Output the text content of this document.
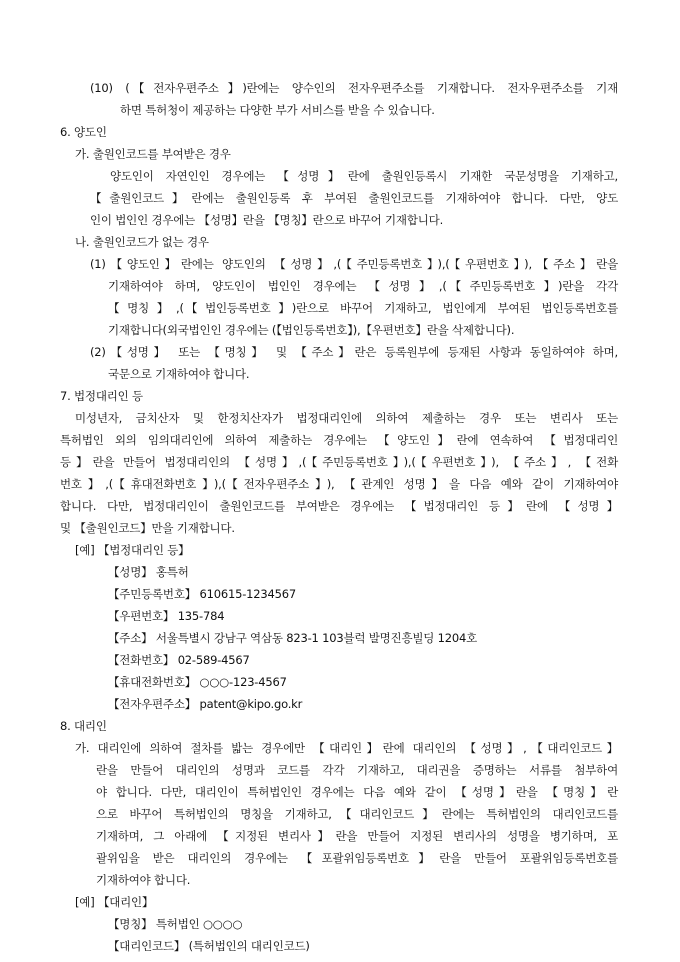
(10) (【전자우편주소】)란에는 양수인의 전자우편주소를 기재합니다. 전자우편주소를 기재
하면 특허청이 제공하는 다양한 부가 서비스를 받을 수 있습니다.
6. 양도인
가. 출원인코드를 부여받은 경우
양도인이 자연인인 경우에는 【성명】란에 출원인등록시 기재한 국문성명을 기재하고,
【출원인코드】란에는 출원인등록 후 부여된 출원인코드를 기재하여야 합니다. 다만, 양도
인이 법인인 경우에는 【성명】란을 【명칭】란으로 바꾸어 기재합니다.
나. 출원인코드가 없는 경우
(1)【양도인】란에는 양도인의 【성명】,(【주민등록번호】),(【우편번호】),【주소】란을
기재하여야 하며, 양도인이 법인인 경우에는 【성명】,(【주민등록번호】)란을 각각
【명칭】,(【법인등록번호】)란으로 바꾸어 기재하고, 법인에게 부여된 법인등록번호를
기재합니다(외국법인인 경우에는 (【법인등록번호】),【우편번호】란을 삭제합니다).
(2)【성명】 또는 【명칭】 및 【주소】란은 등록원부에 등재된 사항과 동일하여야 하며,
국문으로 기재하여야 합니다.
7. 법정대리인 등
미성년자, 금치산자 및 한정치산자가 법정대리인에 의하여 제출하는 경우 또는 변리사 또는
특허법인 외의 임의대리인에 의하여 제출하는 경우에는 【양도인】란에 연속하여 【법정대리인
등】란을 만들어 법정대리인의 【성명】,(【주민등록번호】),(【우편번호】), 【주소】, 【전화
번호】,(【휴대전화번호】),(【전자우편주소】), 【관계인 성명】을 다음 예와 같이 기재하여야
합니다. 다만, 법정대리인이 출원인코드를 부여받은 경우에는 【법정대리인 등】란에 【성명】
및 【출원인코드】만을 기재합니다.
[예] 【법정대리인 등】
【성명】 홍특허
【주민등록번호】 610615-1234567
【우편번호】 135-784
【주소】 서울특별시 강남구 역삼동 823-1 103블럭 발명진흥빌딩 1204호
【전화번호】 02-589-4567
【휴대전화번호】 ○○○-123-4567
【전자우편주소】 patent@kipo.go.kr
8. 대리인
가. 대리인에 의하여 절차를 밟는 경우에만 【대리인】란에 대리인의 【성명】,【대리인코드】
란을 만들어 대리인의 성명과 코드를 각각 기재하고, 대리권을 증명하는 서류를 첨부하여
야 합니다. 다만, 대리인이 특허법인인 경우에는 다음 예와 같이 【성명】란을 【명칭】란
으로 바꾸어 특허법인의 명칭을 기재하고,【대리인코드】란에는 특허법인의 대리인코드를
기재하며, 그 아래에 【지정된 변리사】란을 만들어 지정된 변리사의 성명을 병기하며, 포
괄위임을 받은 대리인의 경우에는 【포괄위임등록번호】란을 만들어 포괄위임등록번호를
기재하여야 합니다.
[예] 【대리인】
【명칭】 특허법인 ○○○○
【대리인코드】 (특허법인의 대리인코드)
